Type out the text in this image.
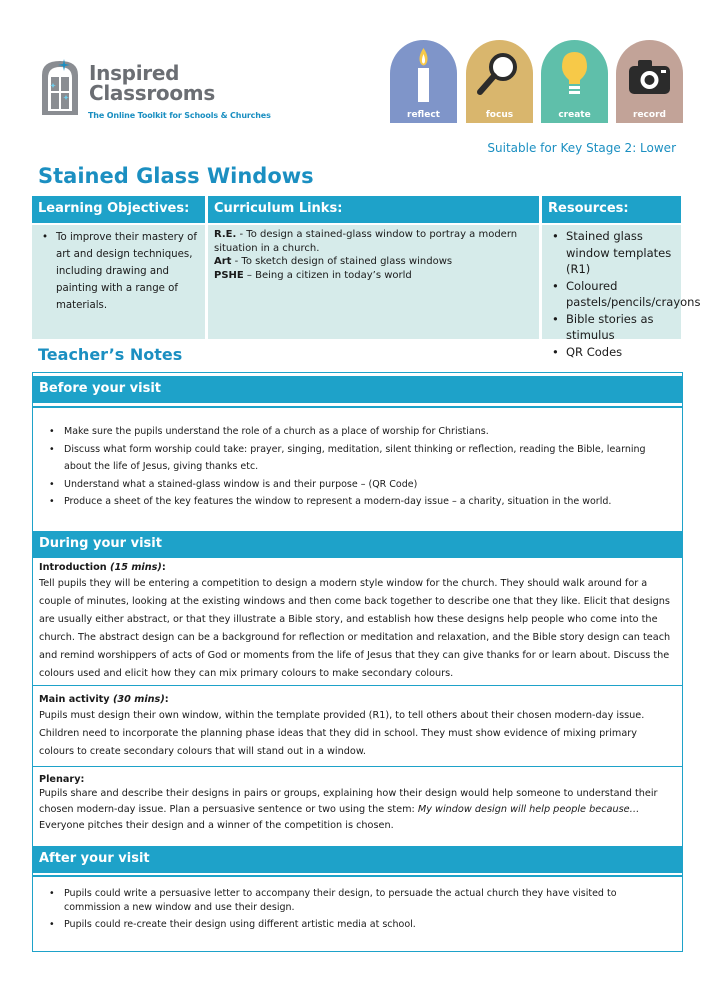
Inspired
Classrooms
The Online Toolkit for Schools & Churches	reflect	focus	create	record
Suitable for Key Stage 2: Lower
Stained Glass Windows
Learning Objectives:
• To improve their mastery of art and design techniques, including drawing and painting with a range of materials.
Curriculum Links:
R.E. - To design a stained-glass window to portray a modern situation in a church.
Art - To sketch design of stained glass windows
PSHE – Being a citizen in today’s world
Resources:
• Stained glass window templates (R1)
• Coloured pastels/pencils/crayons
• Bible stories as stimulus
• QR Codes
Teacher’s Notes
Before your visit
• Make sure the pupils understand the role of a church as a place of worship for Christians.
• Discuss what form worship could take: prayer, singing, meditation, silent thinking or reflection, reading the Bible, learning about the life of Jesus, giving thanks etc.
• Understand what a stained-glass window is and their purpose – (QR Code)
• Produce a sheet of the key features the window to represent a modern-day issue – a charity, situation in the world.
During your visit
Introduction (15 mins):
Tell pupils they will be entering a competition to design a modern style window for the church. They should walk around for a couple of minutes, looking at the existing windows and then come back together to describe one that they like. Elicit that designs are usually either abstract, or that they illustrate a Bible story, and establish how these designs help people who come into the church. The abstract design can be a background for reflection or meditation and relaxation, and the Bible story design can teach and remind worshippers of acts of God or moments from the life of Jesus that they can give thanks for or learn about. Discuss the colours used and elicit how they can mix primary colours to make secondary colours.
Main activity (30 mins):
Pupils must design their own window, within the template provided (R1), to tell others about their chosen modern-day issue. Children need to incorporate the planning phase ideas that they did in school. They must show evidence of mixing primary colours to create secondary colours that will stand out in a window.
Plenary:
Pupils share and describe their designs in pairs or groups, explaining how their design would help someone to understand their chosen modern-day issue. Plan a persuasive sentence or two using the stem: My window design will help people because…
Everyone pitches their design and a winner of the competition is chosen.
After your visit
• Pupils could write a persuasive letter to accompany their design, to persuade the actual church they have visited to commission a new window and use their design.
• Pupils could re-create their design using different artistic media at school.
